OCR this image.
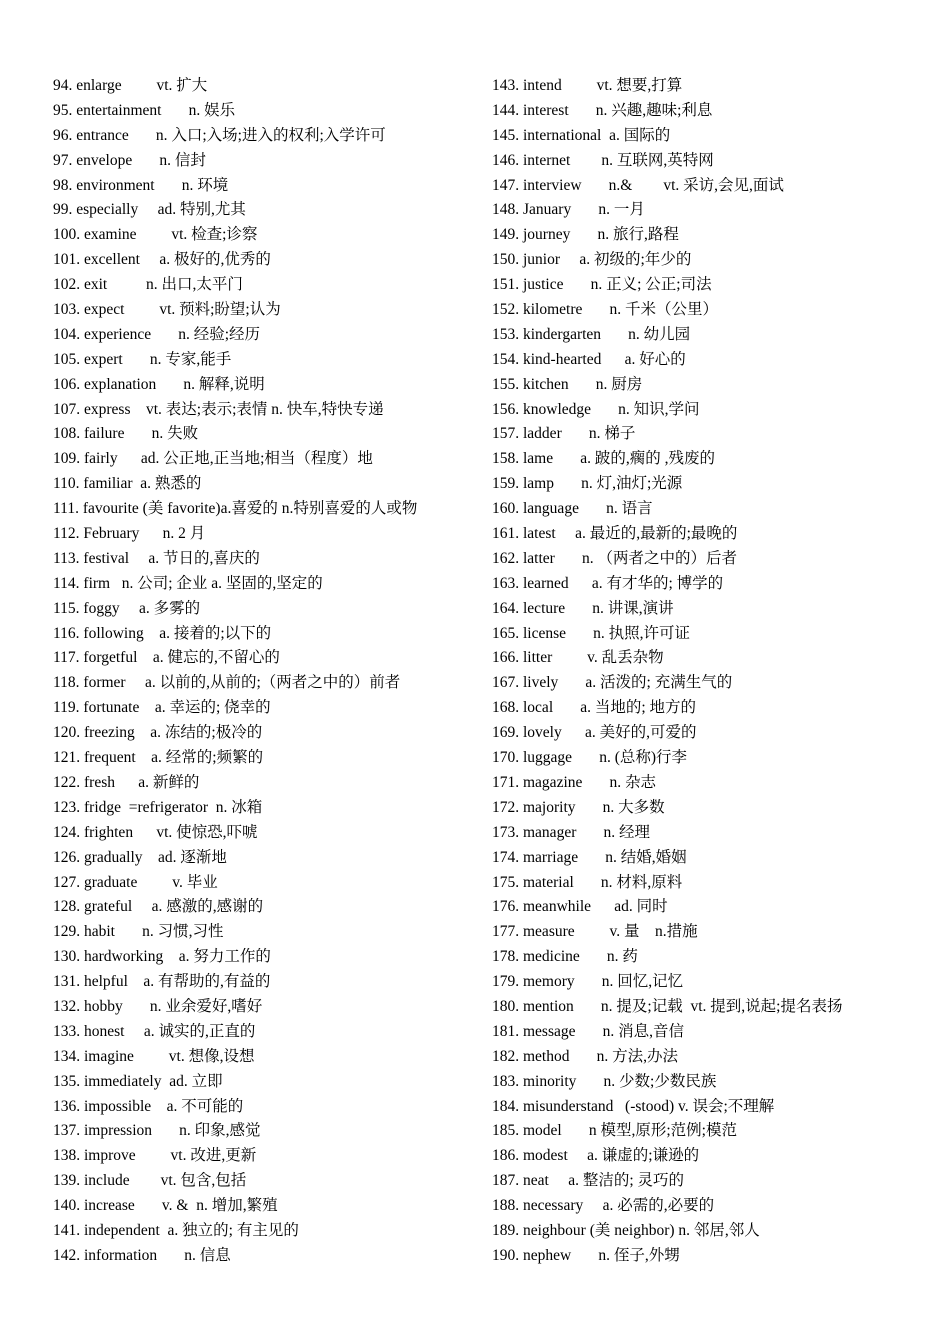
94. enlarge         vt. 扩大
95. entertainment       n. 娱乐
96. entrance       n. 入口;入场;进入的权利;入学许可
97. envelope       n. 信封
98. environment       n. 环境
99. especially     ad. 特别,尤其
100. examine         vt. 检查;诊察
101. excellent     a. 极好的,优秀的
102. exit          n. 出口,太平门
103. expect         vt. 预料;盼望;认为
104. experience       n. 经验;经历
105. expert       n. 专家,能手
106. explanation       n. 解释,说明
107. express    vt. 表达;表示;表情 n. 快车,特快专递
108. failure       n. 失败
109. fairly      ad. 公正地,正当地;相当（程度）地
110. familiar  a. 熟悉的
111. favourite (美 favorite)a.喜爱的 n.特别喜爱的人或物
112. February      n. 2 月
113. festival     a. 节日的,喜庆的
114. firm   n. 公司; 企业 a. 坚固的,坚定的
115. foggy     a. 多雾的
116. following    a. 接着的;以下的
117. forgetful    a. 健忘的,不留心的
118. former     a. 以前的,从前的;（两者之中的）前者
119. fortunate    a. 幸运的; 侥幸的
120. freezing    a. 冻结的;极冷的
121. frequent    a. 经常的;频繁的
122. fresh      a. 新鲜的
123. fridge  =refrigerator  n. 冰箱
124. frighten      vt. 使惊恐,吓唬
126. gradually    ad. 逐渐地
127. graduate         v. 毕业
128. grateful     a. 感激的,感谢的
129. habit       n. 习惯,习性
130. hardworking    a. 努力工作的
131. helpful    a. 有帮助的,有益的
132. hobby       n. 业余爱好,嗜好
133. honest     a. 诚实的,正直的
134. imagine         vt. 想像,设想
135. immediately  ad. 立即
136. impossible    a. 不可能的
137. impression       n. 印象,感觉
138. improve         vt. 改进,更新
139. include        vt. 包含,包括
140. increase       v. &  n. 增加,繁殖
141. independent  a. 独立的; 有主见的
142. information       n. 信息
143. intend         vt. 想要,打算
144. interest       n. 兴趣,趣味;利息
145. international  a. 国际的
146. internet        n. 互联网,英特网
147. interview       n.&        vt. 采访,会见,面试
148. January       n. 一月
149. journey       n. 旅行,路程
150. junior     a. 初级的;年少的
151. justice       n. 正义; 公正;司法
152. kilometre       n. 千米（公里）
153. kindergarten       n. 幼儿园
154. kind-hearted      a. 好心的
155. kitchen       n. 厨房
156. knowledge       n. 知识,学问
157. ladder       n. 梯子
158. lame       a. 跛的,瘸的 ,残废的
159. lamp       n. 灯,油灯;光源
160. language       n. 语言
161. latest     a. 最近的,最新的;最晚的
162. latter       n. （两者之中的）后者
163. learned      a. 有才华的; 博学的
164. lecture       n. 讲课,演讲
165. license       n. 执照,许可证
166. litter         v. 乱丢杂物
167. lively       a. 活泼的; 充满生气的
168. local       a. 当地的; 地方的
169. lovely      a. 美好的,可爱的
170. luggage       n. (总称)行李
171. magazine       n. 杂志
172. majority       n. 大多数
173. manager       n. 经理
174. marriage       n. 结婚,婚姻
175. material       n. 材料,原料
176. meanwhile      ad. 同时
177. measure         v. 量    n.措施
178. medicine       n. 药
179. memory       n. 回忆,记忆
180. mention       n. 提及;记载  vt. 提到,说起;提名表扬
181. message       n. 消息,音信
182. method       n. 方法,办法
183. minority       n. 少数;少数民族
184. misunderstand   (-stood) v. 误会;不理解
185. model       n 模型,原形;范例;模范
186. modest     a. 谦虚的;谦逊的
187. neat     a. 整洁的; 灵巧的
188. necessary     a. 必需的,必要的
189. neighbour (美 neighbor) n. 邻居,邻人
190. nephew       n. 侄子,外甥
